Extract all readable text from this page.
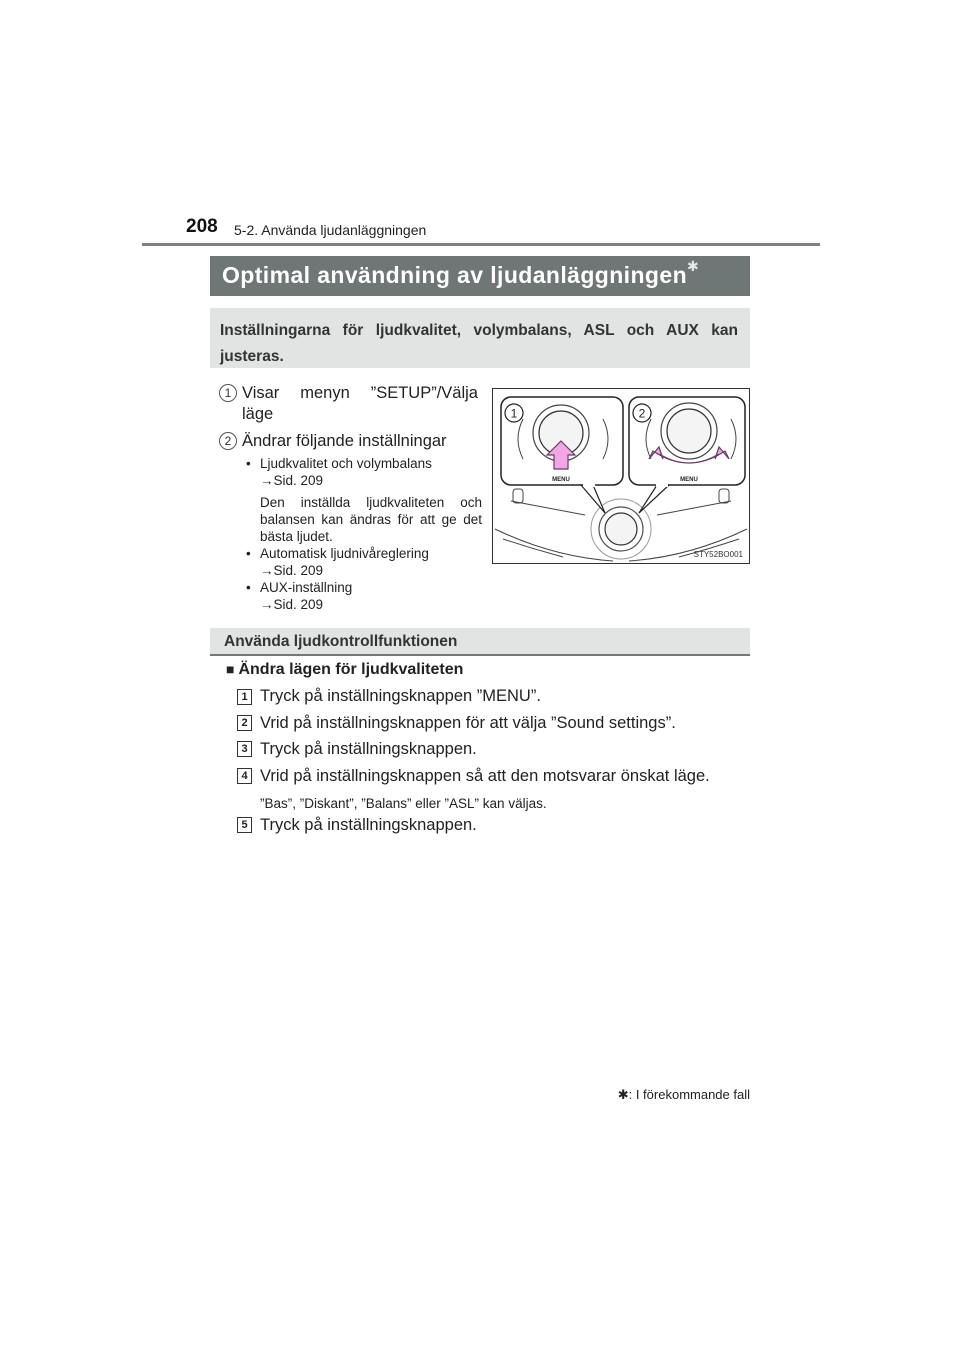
208 5-2. Använda ljudanläggningen
Optimal användning av ljudanläggningen✱
Inställningarna för ljudkvalitet, volymbalans, ASL och AUX kan justeras.
1 Visar menyn ”SETUP”/Välja
läge
2 Ändrar följande inställningar
• Ljudkvalitet och volymbalans
→Sid. 209
Den inställda ljudkvaliteten och balansen kan ändras för att ge det bästa ljudet.
• Automatisk ljudnivåreglering
→Sid. 209
• AUX-inställning
→Sid. 209
1	2
MENU	MENU
STY52BO001
Använda ljudkontrollfunktionen
■ Ändra lägen för ljudkvaliteten
1 Tryck på inställningsknappen ”MENU”.
2 Vrid på inställningsknappen för att välja ”Sound settings”.
3 Tryck på inställningsknappen.
4 Vrid på inställningsknappen så att den motsvarar önskat läge.
”Bas”, ”Diskant”, ”Balans” eller ”ASL” kan väljas.
5 Tryck på inställningsknappen.
✱: I förekommande fall
